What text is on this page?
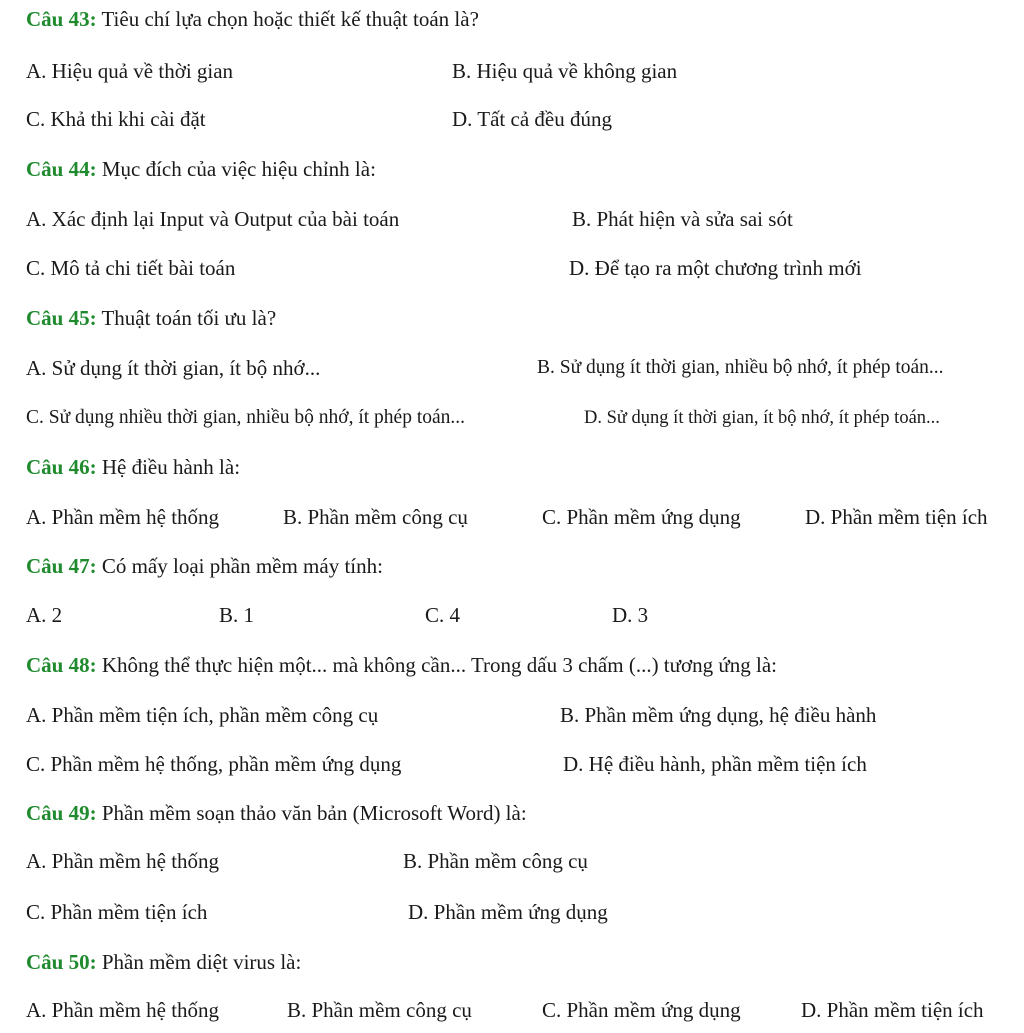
Câu 43: Tiêu chí lựa chọn hoặc thiết kế thuật toán là?
A. Hiệu quả về thời gian	B. Hiệu quả về không gian
C. Khả thi khi cài đặt	D. Tất cả đều đúng
Câu 44: Mục đích của việc hiệu chỉnh là:
A. Xác định lại Input và Output của bài toán	B. Phát hiện và sửa sai sót
C. Mô tả chi tiết bài toán	D. Để tạo ra một chương trình mới
Câu 45: Thuật toán tối ưu là?
A. Sử dụng ít thời gian, ít bộ nhớ...	B. Sử dụng ít thời gian, nhiều bộ nhớ, ít phép toán...
C. Sử dụng nhiều thời gian, nhiều bộ nhớ, ít phép toán...	D. Sử dụng ít thời gian, ít bộ nhớ, ít phép toán...
Câu 46: Hệ điều hành là:
A. Phần mềm hệ thống	B. Phần mềm công cụ	C. Phần mềm ứng dụng	D. Phần mềm tiện ích
Câu 47: Có mấy loại phần mềm máy tính:
A. 2	B. 1	C. 4	D. 3
Câu 48: Không thể thực hiện một... mà không cần... Trong dấu 3 chấm (...) tương ứng là:
A. Phần mềm tiện ích, phần mềm công cụ	B. Phần mềm ứng dụng, hệ điều hành
C. Phần mềm hệ thống, phần mềm ứng dụng	D. Hệ điều hành, phần mềm tiện ích
Câu 49: Phần mềm soạn thảo văn bản (Microsoft Word) là:
A. Phần mềm hệ thống	B. Phần mềm công cụ
C. Phần mềm tiện ích	D. Phần mềm ứng dụng
Câu 50: Phần mềm diệt virus là:
A. Phần mềm hệ thống	B. Phần mềm công cụ	C. Phần mềm ứng dụng	D. Phần mềm tiện ích
